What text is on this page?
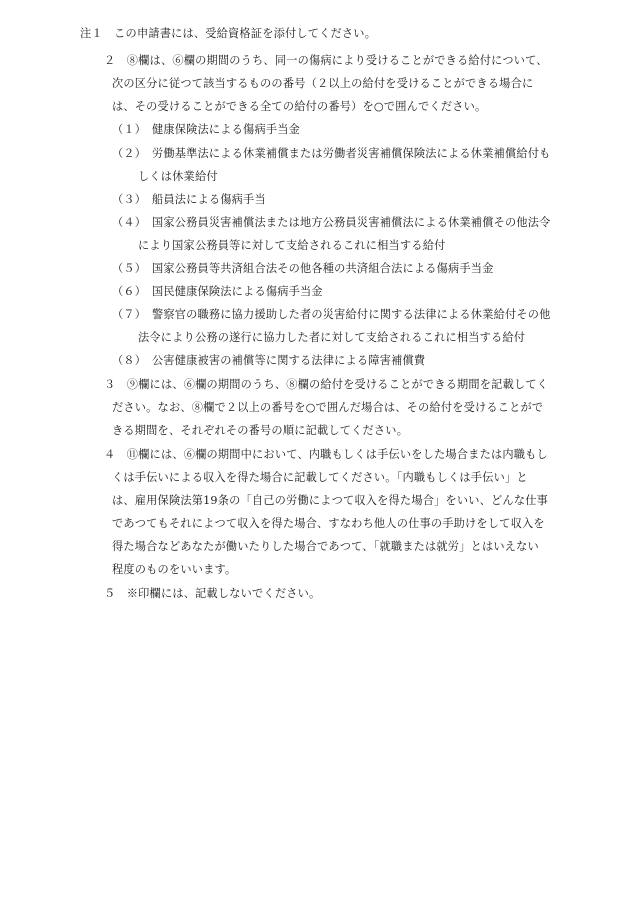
注１　この申請書には、受給資格証を添付してください。
２　⑧欄は、⑥欄の期間のうち、同一の傷病により受けることができる給付について、
次の区分に従つて該当するものの番号（２以上の給付を受けることができる場合に
は、その受けることができる全ての給付の番号）を○で囲んでください。
（１）　健康保険法による傷病手当金
（２）　労働基準法による休業補償または労働者災害補償保険法による休業補償給付も
しくは休業給付
（３）　船員法による傷病手当
（４）　国家公務員災害補償法または地方公務員災害補償法による休業補償その他法令
により国家公務員等に対して支給されるこれに相当する給付
（５）　国家公務員等共済組合法その他各種の共済組合法による傷病手当金
（６）　国民健康保険法による傷病手当金
（７）　警察官の職務に協力援助した者の災害給付に関する法律による休業給付その他
法令により公務の遂行に協力した者に対して支給されるこれに相当する給付
（８）　公害健康被害の補償等に関する法律による障害補償費
３　⑨欄には、⑥欄の期間のうち、⑧欄の給付を受けることができる期間を記載してく
ださい。なお、⑧欄で２以上の番号を○で囲んだ場合は、その給付を受けることがで
きる期間を、それぞれその番号の順に記載してください。
４　⑪欄には、⑥欄の期間中において、内職もしくは手伝いをした場合または内職もし
くは手伝いによる収入を得た場合に記載してください。「内職もしくは手伝い」と
は、雇用保険法第19条の「自己の労働によつて収入を得た場合」をいい、どんな仕事
であつてもそれによつて収入を得た場合、すなわち他人の仕事の手助けをして収入を
得た場合などあなたが働いたりした場合であつて、「就職または就労」とはいえない
程度のものをいいます。
５　※印欄には、記載しないでください。
